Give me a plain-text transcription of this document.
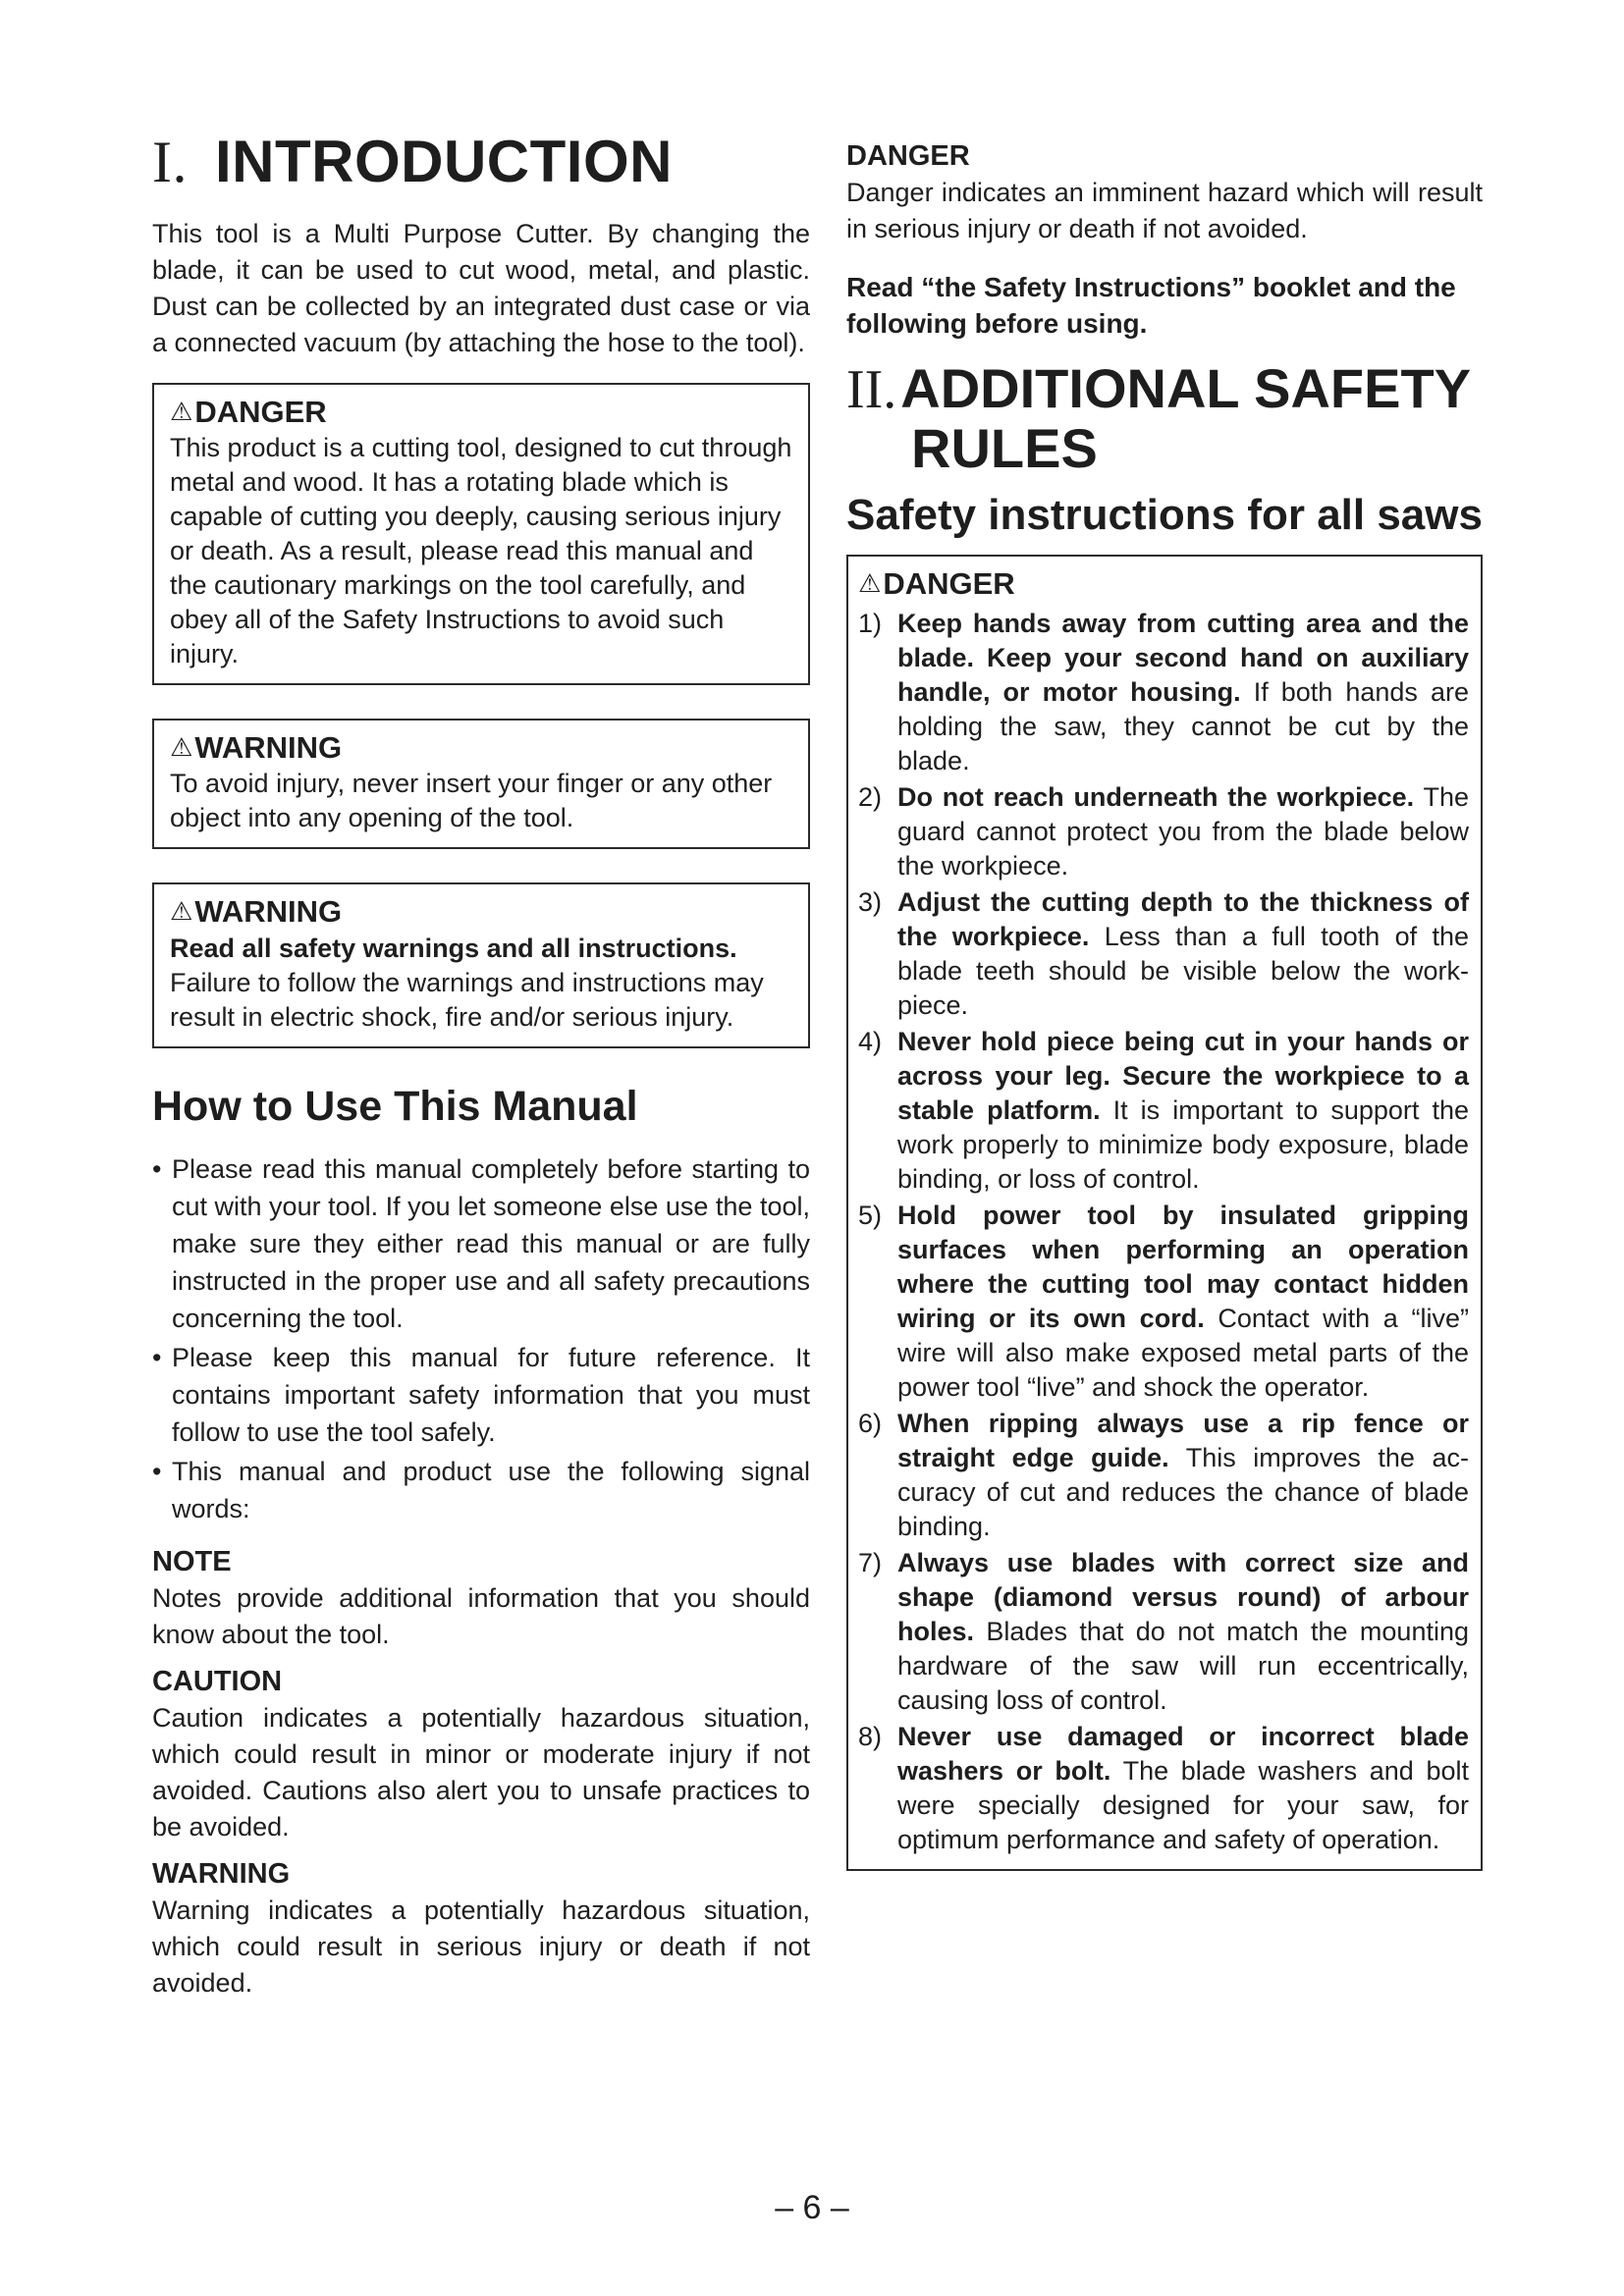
I. INTRODUCTION

This tool is a Multi Purpose Cutter. By changing the blade, it can be used to cut wood, metal, and plastic. Dust can be collected by an integrated dust case or via a connected vacuum (by attaching the hose to the tool).

⚠DANGER

This product is a cutting tool, designed to cut through metal and wood. It has a rotating blade which is capable of cutting you deeply, causing serious injury or death. As a result, please read this manual and the cautionary markings on the tool carefully, and obey all of the Safety Instructions to avoid such injury.

⚠WARNING

To avoid injury, never insert your finger or any other object into any opening of the tool.

⚠WARNING

Read all safety warnings and all instructions.

Failure to follow the warnings and instructions may result in electric shock, fire and/or serious injury.

How to Use This Manual
• Please read this manual completely before starting to cut with your tool. If you let someone else use the tool, make sure they either read this manual or are fully instructed in the proper use and all safety precautions concerning the tool.
• Please keep this manual for future reference. It contains important safety information that you must follow to use the tool safely.
• This manual and product use the following signal words:
NOTE

Notes provide additional information that you should know about the tool.

CAUTION

Caution indicates a potentially hazardous situation, which could result in minor or moderate injury if not avoided. Cautions also alert you to unsafe practices to be avoided.

WARNING

Warning indicates a potentially hazardous situation, which could result in serious injury or death if not avoided.

DANGER

Danger indicates an imminent hazard which will result in serious injury or death if not avoided.

Read “the Safety Instructions” booklet and the following before using.

II.ADDITIONAL SAFETY
RULES
Safety instructions for all saws
⚠DANGER
1) Keep hands away from cutting area and the blade. Keep your second hand on auxiliary handle, or motor housing. If both hands are holding the saw, they cannot be cut by the blade.
2) Do not reach underneath the workpiece. The guard cannot protect you from the blade below the workpiece.
3) Adjust the cutting depth to the thickness of the workpiece. Less than a full tooth of the blade teeth should be visible below the work-piece.
4) Never hold piece being cut in your hands or across your leg. Secure the workpiece to a stable platform. It is important to support the work properly to minimize body exposure, blade binding, or loss of control.
5) Hold power tool by insulated gripping surfaces when performing an operation where the cutting tool may contact hidden wiring or its own cord. Contact with a “live” wire will also make exposed metal parts of the power tool “live” and shock the operator.
6) When ripping always use a rip fence or straight edge guide. This improves the ac-curacy of cut and reduces the chance of blade binding.
7) Always use blades with correct size and shape (diamond versus round) of arbour holes. Blades that do not match the mounting hardware of the saw will run eccentrically, causing loss of control.
8) Never use damaged or incorrect blade washers or bolt. The blade washers and bolt were specially designed for your saw, for optimum performance and safety of operation.
– 6 –
